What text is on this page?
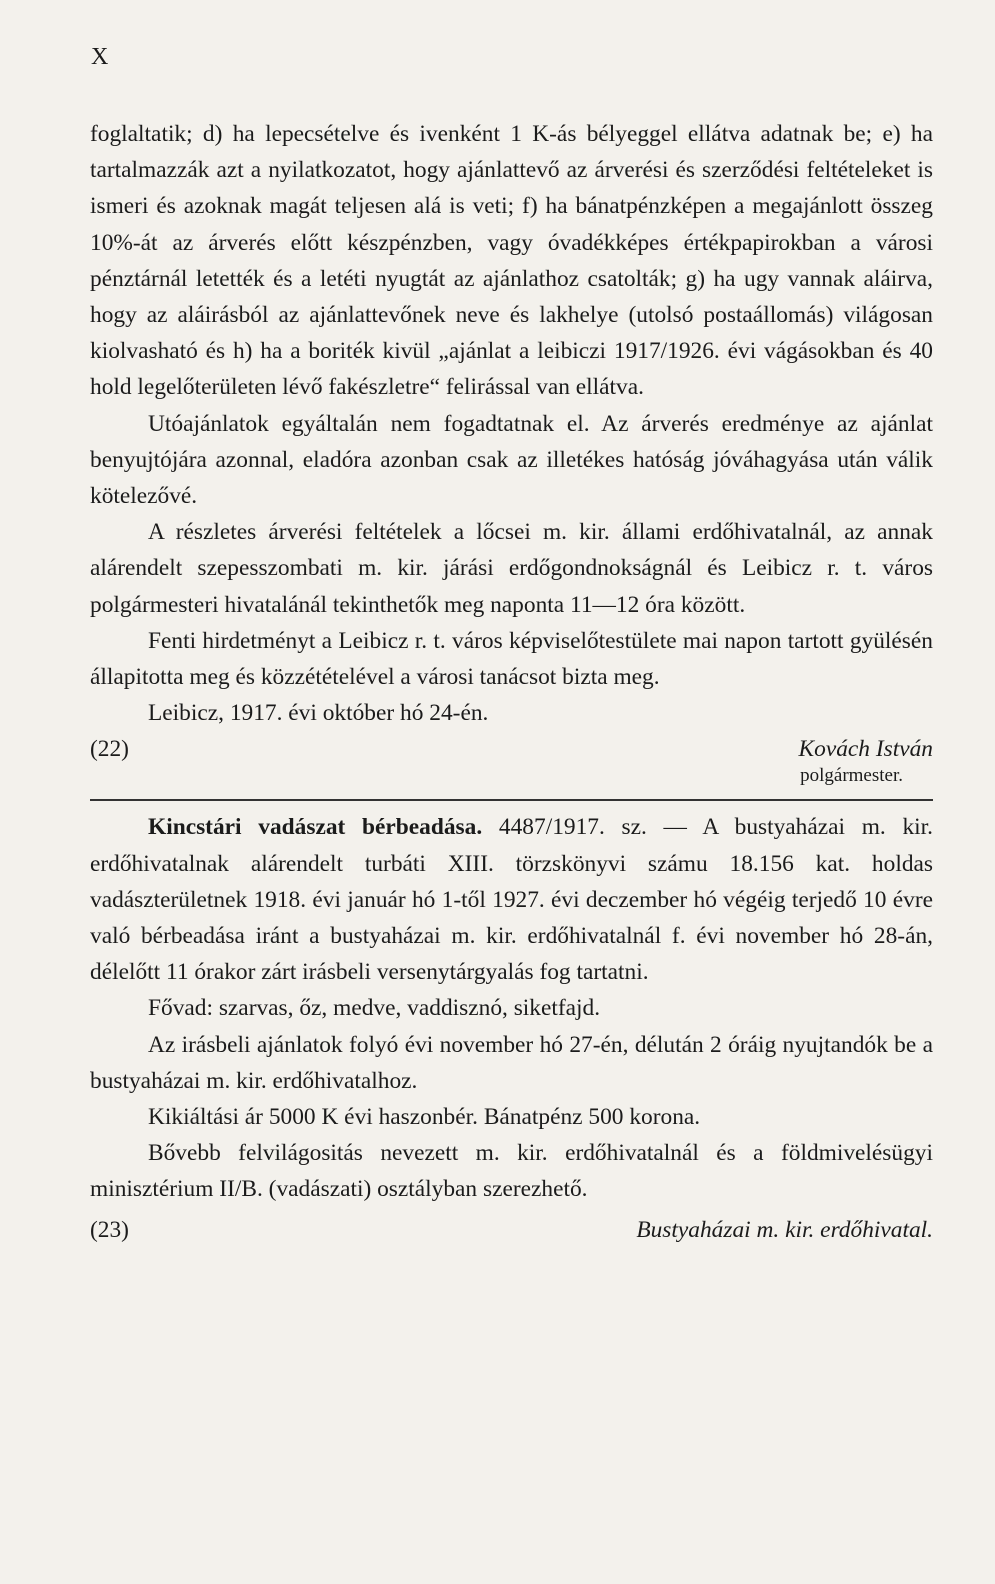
X

foglaltatik; d) ha lepecsételve és ivenként 1 K-ás bélyeggel ellátva adatnak be; e) ha tartalmazzák azt a nyilatkozatot, hogy ajánlattevő az árverési és szerződési feltételeket is ismeri és azoknak magát teljesen alá is veti; f) ha bánatpénzképen a megajánlott összeg 10%-át az árverés előtt készpénzben, vagy óvadékképes értékpapirokban a városi pénztárnál letették és a letéti nyugtát az ajánlathoz csatolták; g) ha ugy vannak aláirva, hogy az aláirásból az ajánlattevőnek neve és lakhelye (utolsó postaállomás) világosan kiolvasható és h) ha a boriték kivül „ajánlat a leibiczi 1917/1926. évi vágásokban és 40 hold legelőterületen lévő fakészletre“ felirással van ellátva.

Utóajánlatok egyáltalán nem fogadtatnak el. Az árverés eredménye az ajánlat benyujtójára azonnal, eladóra azonban csak az illetékes hatóság jóváhagyása után válik kötelezővé.

A részletes árverési feltételek a lőcsei m. kir. állami erdőhivatalnál, az annak alárendelt szepesszombati m. kir. járási erdőgondnokságnál és Leibicz r. t. város polgármesteri hivatalánál tekinthetők meg naponta 11—12 óra között.

Fenti hirdetményt a Leibicz r. t. város képviselőtestülete mai napon tartott gyülésén állapitotta meg és közzétételével a városi tanácsot bizta meg.

Leibicz, 1917. évi október hó 24-én.

(22)	Kovách István

polgármester.

Kincstári vadászat bérbeadása. 4487/1917. sz. — A bustyaházai m. kir. erdőhivatalnak alárendelt turbáti XIII. törzskönyvi számu 18.156 kat. holdas vadászterületnek 1918. évi január hó 1-től 1927. évi deczember hó végéig terjedő 10 évre való bérbeadása iránt a bustyaházai m. kir. erdőhivatalnál f. évi november hó 28-án, délelőtt 11 órakor zárt irásbeli versenytárgyalás fog tartatni.

Fővad: szarvas, őz, medve, vaddisznó, siketfajd.

Az irásbeli ajánlatok folyó évi november hó 27-én, délután 2 óráig nyujtandók be a bustyaházai m. kir. erdőhivatalhoz.

Kikiáltási ár 5000 K évi haszonbér. Bánatpénz 500 korona.

Bővebb felvilágositás nevezett m. kir. erdőhivatalnál és a földmivelésügyi minisztérium II/B. (vadászati) osztályban szerezhető.

(23)	Bustyaházai m. kir. erdőhivatal.
